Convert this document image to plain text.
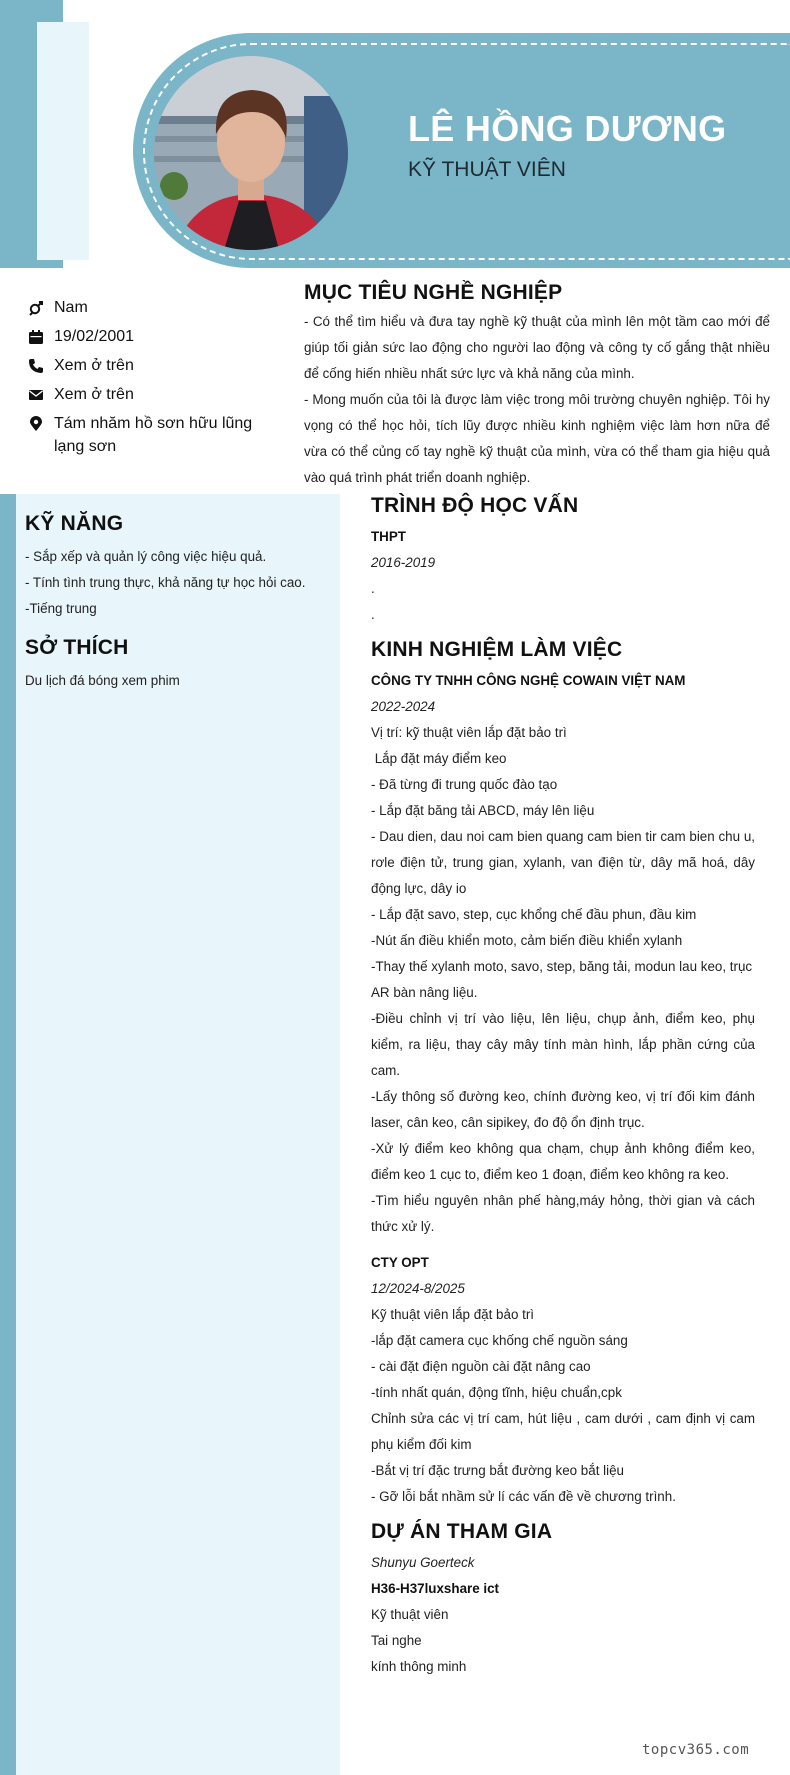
LÊ HỒNG DƯƠNG
KỸ THUẬT VIÊN
Nam
19/02/2001
Xem ở trên
Xem ở trên
Tám nhăm hồ sơn hữu lũng lạng sơn
MỤC TIÊU NGHỀ NGHIỆP

- Có thể tìm hiểu và đưa tay nghề kỹ thuật của mình lên một tầm cao mới để giúp tối giản sức lao động cho người lao động và công ty cố gắng thật nhiều để cống hiến nhiều nhất sức lực và khả năng của mình.

- Mong muốn của tôi là được làm việc trong môi trường chuyên nghiệp. Tôi hy vọng có thể học hỏi, tích lũy được nhiều kinh nghiệm việc làm hơn nữa để vừa có thể củng cố tay nghề kỹ thuật của mình, vừa có thể tham gia hiệu quả vào quá trình phát triển doanh nghiệp.

KỸ NĂNG
- Sắp xếp và quản lý công việc hiệu quả.
- Tính tình trung thực, khả năng tự học hỏi cao.
-Tiếng trung
SỞ THÍCH
Du lịch đá bóng xem phim
TRÌNH ĐỘ HỌC VẤN
THPT
2016-2019
.
.
KINH NGHIỆM LÀM VIỆC
CÔNG TY TNHH CÔNG NGHỆ COWAIN VIỆT NAM
2022-2024
Vị trí: kỹ thuật viên lắp đặt bảo trì
Lắp đặt máy điểm keo
- Đã từng đi trung quốc đào tạo
- Lắp đặt băng tải ABCD, máy lên liệu
- Dau dien, dau noi cam bien quang cam bien tir cam bien chu u, rơle điện tử, trung gian, xylanh, van điện từ, dây mã hoá, dây động lực, dây io
- Lắp đặt savo, step, cục khổng chế đầu phun, đầu kim
-Nút ấn điều khiển moto, cảm biến điều khiển xylanh
-Thay thế xylanh moto, savo, step, băng tải, modun lau keo, trục
AR bàn nâng liệu.
-Điều chỉnh vị trí vào liệu, lên liệu, chụp ảnh, điểm keo, phụ kiểm, ra liệu, thay cây mây tính màn hình, lắp phần cứng của cam.
-Lấy thông số đường keo, chính đường keo, vị trí đối kim đánh laser, cân keo, cân sipikey, đo độ ổn định trục.
-Xử lý điểm keo không qua chạm, chụp ảnh không điểm keo, điểm keo 1 cục to, điểm keo 1 đoạn, điểm keo không ra keo.
-Tìm hiểu nguyên nhân phế hàng,máy hỏng, thời gian và cách thức xử lý.
CTY OPT
12/2024-8/2025
Kỹ thuật viên lắp đặt bảo trì
-lắp đặt camera cục khống chế nguồn sáng
- cài đặt điện nguồn cài đặt nâng cao
-tính nhất quán, động tĩnh, hiệu chuẩn,cpk
Chỉnh sửa các vị trí cam, hút liệu , cam dưới , cam định vị cam phụ kiểm đối kim
-Bắt vị trí đặc trưng bắt đường keo bắt liệu
- Gỡ lỗi bắt nhầm sử lí các vấn đề về chương trình.
DỰ ÁN THAM GIA
Shunyu Goerteck
H36-H37luxshare ict
Kỹ thuật viên
Tai nghe
kính thông minh
topcv365.com
